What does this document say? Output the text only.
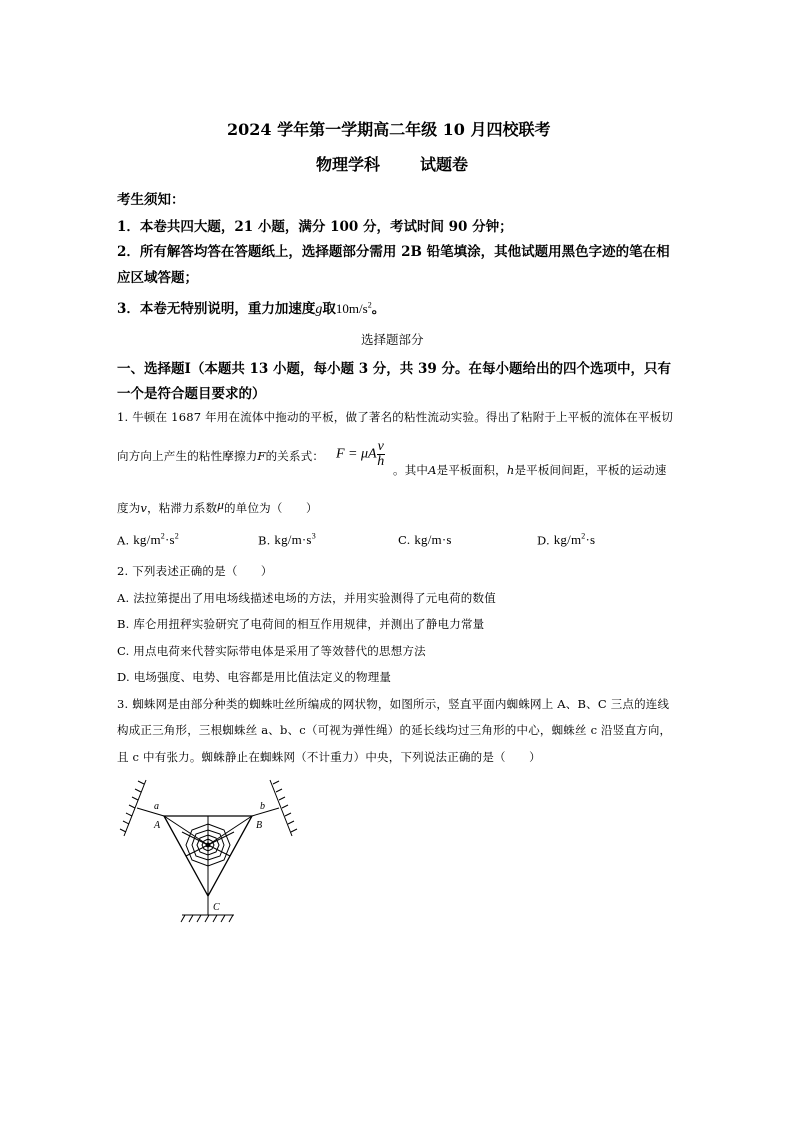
2024 学年第一学期高二年级 10 月四校联考
物理学科 试题卷
考生须知：
1．本卷共四大题，21 小题，满分 100 分，考试时间 90 分钟；
2．所有解答均答在答题纸上，选择题部分需用 2B 铅笔填涂，其他试题用黑色字迹的笔在相
应区域答题；
3．本卷无特别说明，重力加速度g取$10m/s^2$。
选择题部分
一、选择题Ⅰ（本题共 13 小题，每小题 3 分，共 39 分。在每小题给出的四个选项中，只有
一个是符合题目要求的）
1. 牛顿在 1687 年用在流体中拖动的平板，做了著名的粘性流动实验。得出了粘附于上平板的流体在平板切
向方向上产生的粘性摩擦力F的关系式： F = μA $\frac{v}{h}$
。其中A是平板面积，h是平板间间距，平板的运动速
度为v，粘滞力系数μ的单位为（　　）
A. $kg/m^2\cdot s^2$	B. $kg/m\cdot s^3$	C. kg/m·s	D. $kg/m^2\cdot s$
2. 下列表述正确的是（　　）
A. 法拉第提出了用电场线描述电场的方法，并用实验测得了元电荷的数值
B. 库仑用扭秤实验研究了电荷间的相互作用规律，并测出了静电力常量
C. 用点电荷来代替实际带电体是采用了等效替代的思想方法
D. 电场强度、电势、电容都是用比值法定义的物理量
3. 蜘蛛网是由部分种类的蜘蛛吐丝所编成的网状物，如图所示，竖直平面内蜘蛛网上 A、B、C 三点的连线
构成正三角形，三根蜘蛛丝 a、b、c（可视为弹性绳）的延长线均过三角形的中心，蜘蛛丝 c 沿竖直方向，
且 c 中有张力。蜘蛛静止在蜘蛛网（不计重力）中央，下列说法正确的是（　　）
a	b
A	B
C
